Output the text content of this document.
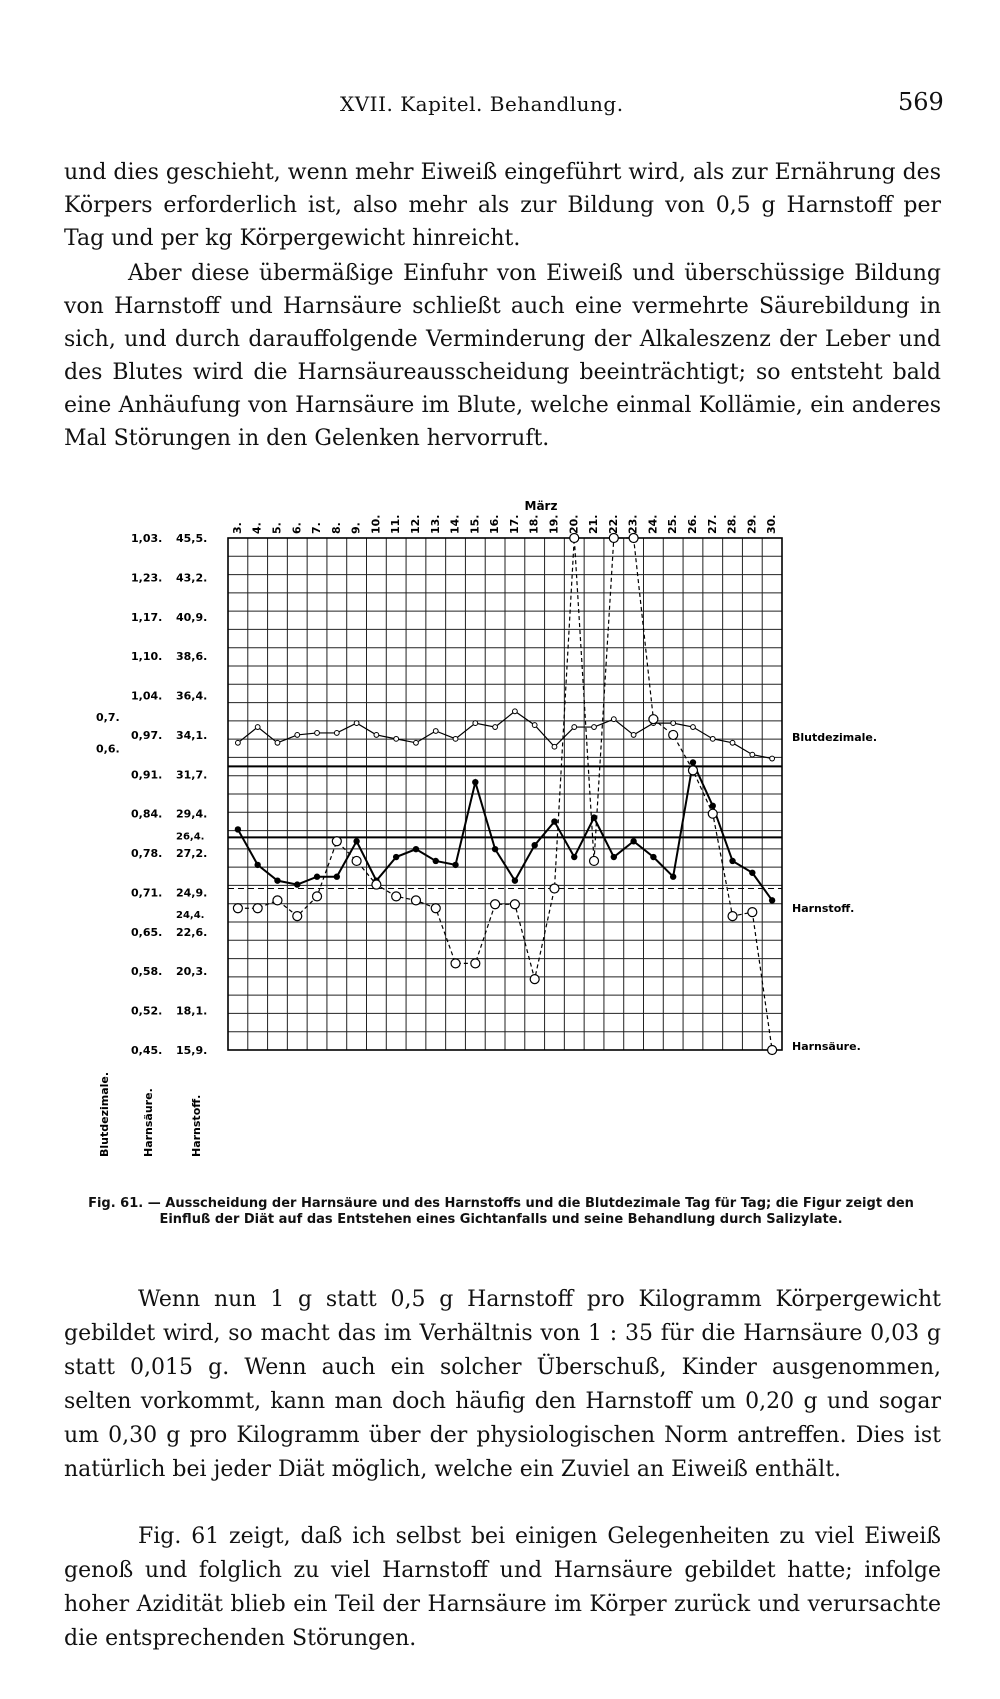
XVII. Kapitel. Behandlung.	569

und dies geschieht, wenn mehr Eiweiß eingeführt wird, als zur Ernährung des Körpers erforderlich ist, also mehr als zur Bildung von 0,5 g Harnstoff per Tag und per kg Körpergewicht hinreicht.

Aber diese übermäßige Einfuhr von Eiweiß und überschüssige Bildung von Harnstoff und Harnsäure schließt auch eine vermehrte Säurebildung in sich, und durch darauffolgende Verminderung der Alkaleszenz der Leber und des Blutes wird die Harnsäureausscheidung beeinträchtigt; so entsteht bald eine Anhäufung von Harnsäure im Blute, welche einmal Kollämie, ein anderes Mal Störungen in den Gelenken hervorruft.

März
3. 4. 5. 6. 7. 8. 9. 10. 11. 12. 13. 14. 15. 16. 17. 18. 19. 20. 21. 22. 23. 24. 25. 26. 27. 28. 29. 30.
1,03.
1,23.
1,17.
1,10.
1,04.
0,97.
0,91.
0,84.
0,78.
0,71.
0,65.
0,58.
0,52.
0,45.
45,5.
43,2.
40,9.
38,6.
36,4.
34,1.
31,7.
29,4.
27,2.
24,9.
22,6.
20,3.
18,1.
15,9.
26,4.
24,4.
0,7.
0,6.
Blutdezimale.	Harnsäure.	Harnstoff.
Blutdezimale.
Harnstoff.
Harnsäure.
Fig. 61. — Ausscheidung der Harnsäure und des Harnstoffs und die Blutdezimale Tag für Tag; die Figur zeigt den Einfluß der Diät auf das Entstehen eines Gichtanfalls und seine Behandlung durch Salizylate.

Wenn nun 1 g statt 0,5 g Harnstoff pro Kilogramm Körpergewicht gebildet wird, so macht das im Verhältnis von 1 : 35 für die Harnsäure 0,03 g statt 0,015 g. Wenn auch ein solcher Überschuß, Kinder ausgenommen, selten vorkommt, kann man doch häufig den Harnstoff um 0,20 g und sogar um 0,30 g pro Kilogramm über der physiologischen Norm antreffen. Dies ist natürlich bei jeder Diät möglich, welche ein Zuviel an Eiweiß enthält.

Fig. 61 zeigt, daß ich selbst bei einigen Gelegenheiten zu viel Eiweiß genoß und folglich zu viel Harnstoff und Harnsäure gebildet hatte; infolge hoher Azidität blieb ein Teil der Harnsäure im Körper zurück und verursachte die entsprechenden Störungen.
